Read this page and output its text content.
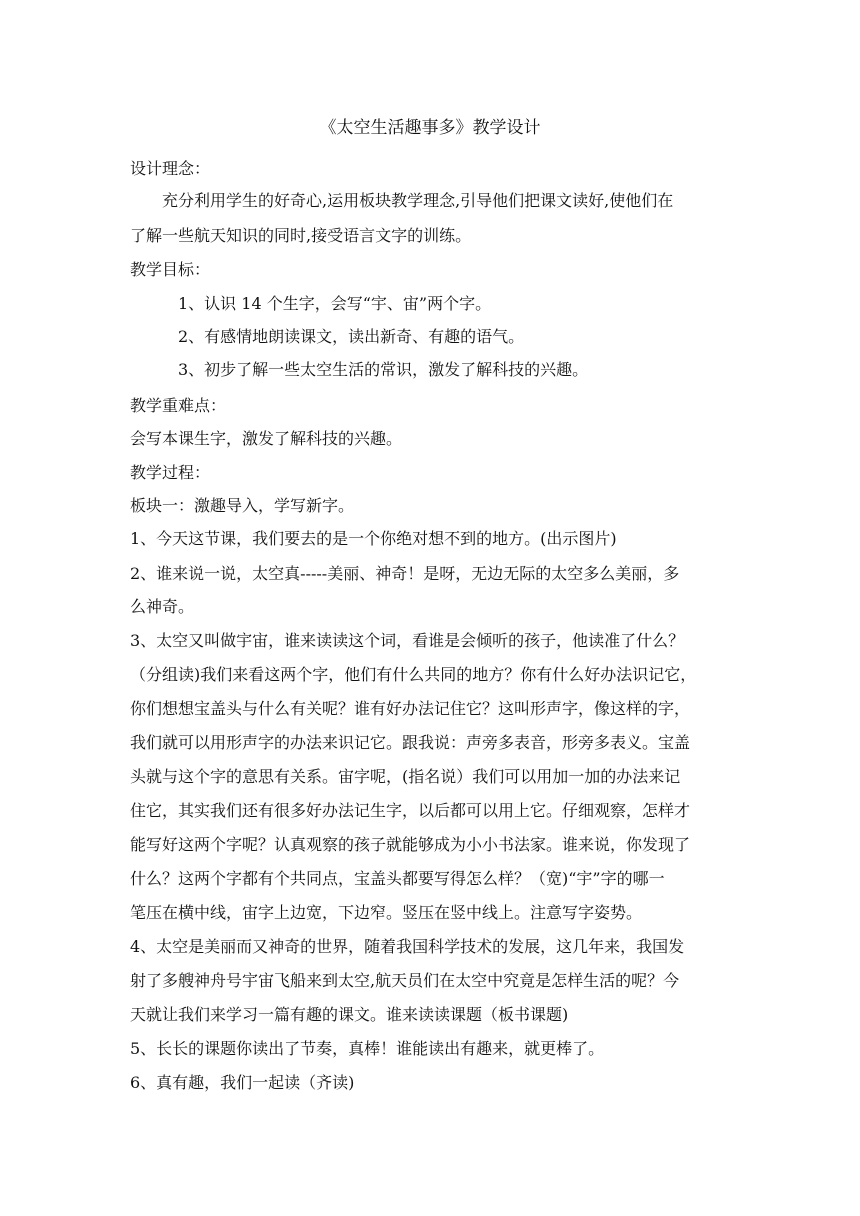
《太空生活趣事多》教学设计
设计理念：
充分利用学生的好奇心,运用板块教学理念,引导他们把课文读好,使他们在
了解一些航天知识的同时,接受语言文字的训练。
教学目标：
1、认识 14 个生字，会写“宇、宙”两个字。
2、有感情地朗读课文，读出新奇、有趣的语气。
3、初步了解一些太空生活的常识，激发了解科技的兴趣。
教学重难点：
会写本课生字，激发了解科技的兴趣。
教学过程：
板块一：激趣导入，学写新字。
1、今天这节课，我们要去的是一个你绝对想不到的地方。(出示图片)
2、谁来说一说，太空真-----美丽、神奇！是呀，无边无际的太空多么美丽，多
么神奇。
3、太空又叫做宇宙，谁来读读这个词，看谁是会倾听的孩子，他读准了什么？
（分组读)我们来看这两个字，他们有什么共同的地方？你有什么好办法识记它，
你们想想宝盖头与什么有关呢？谁有好办法记住它？这叫形声字，像这样的字，
我们就可以用形声字的办法来识记它。跟我说：声旁多表音，形旁多表义。宝盖
头就与这个字的意思有关系。宙字呢，(指名说）我们可以用加一加的办法来记
住它，其实我们还有很多好办法记生字，以后都可以用上它。仔细观察，怎样才
能写好这两个字呢？认真观察的孩子就能够成为小小书法家。谁来说，你发现了
什么？这两个字都有个共同点，宝盖头都要写得怎么样？（宽)“宇”字的哪一
笔压在横中线，宙字上边宽，下边窄。竖压在竖中线上。注意写字姿势。
4、太空是美丽而又神奇的世界，随着我国科学技术的发展，这几年来，我国发
射了多艘神舟号宇宙飞船来到太空,航天员们在太空中究竟是怎样生活的呢？今
天就让我们来学习一篇有趣的课文。谁来读读课题（板书课题)
5、长长的课题你读出了节奏，真棒！谁能读出有趣来，就更棒了。
6、真有趣，我们一起读（齐读)
